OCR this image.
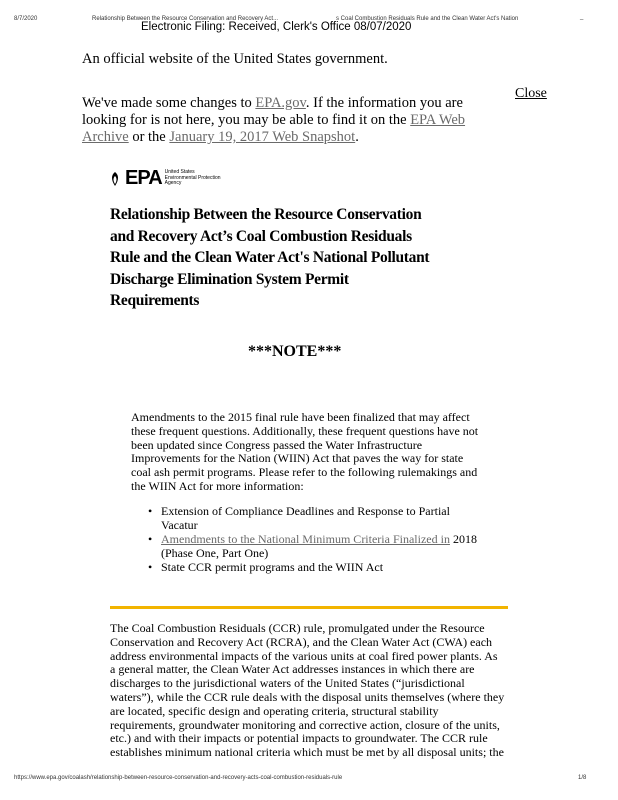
8/7/2020	Relationship Between the Resource Conservation and Recovery Act...	s Coal Combustion Residuals Rule and the Clean Water Act's Nation	_
Electronic Filing: Received, Clerk's Office 08/07/2020
An official website of the United States government.
Close
We've made some changes to EPA.gov. If the information you are
looking for is not here, you may be able to find it on the EPA Web
Archive or the January 19, 2017 Web Snapshot.
EPA United States Environmental Protection Agency
Relationship Between the Resource Conservation and Recovery Act’s Coal Combustion Residuals Rule and the Clean Water Act's National Pollutant Discharge Elimination System Permit Requirements
***NOTE***
Amendments to the 2015 final rule have been finalized that may affect
these frequent questions. Additionally, these frequent questions have not
been updated since Congress passed the Water Infrastructure
Improvements for the Nation (WIIN) Act that paves the way for state
coal ash permit programs. Please refer to the following rulemakings and
the WIIN Act for more information:
• Extension of Compliance Deadlines and Response to Partial
Vacatur
• Amendments to the National Minimum Criteria Finalized in 2018
(Phase One, Part One)
• State CCR permit programs and the WIIN Act
The Coal Combustion Residuals (CCR) rule, promulgated under the Resource
Conservation and Recovery Act (RCRA), and the Clean Water Act (CWA) each
address environmental impacts of the various units at coal fired power plants. As
a general matter, the Clean Water Act addresses instances in which there are
discharges to the jurisdictional waters of the United States (“jurisdictional
waters”), while the CCR rule deals with the disposal units themselves (where they
are located, specific design and operating criteria, structural stability
requirements, groundwater monitoring and corrective action, closure of the units,
etc.) and with their impacts or potential impacts to groundwater. The CCR rule
establishes minimum national criteria which must be met by all disposal units; the
https://www.epa.gov/coalash/relationship-between-resource-conservation-and-recovery-acts-coal-combustion-residuals-rule	1/8
